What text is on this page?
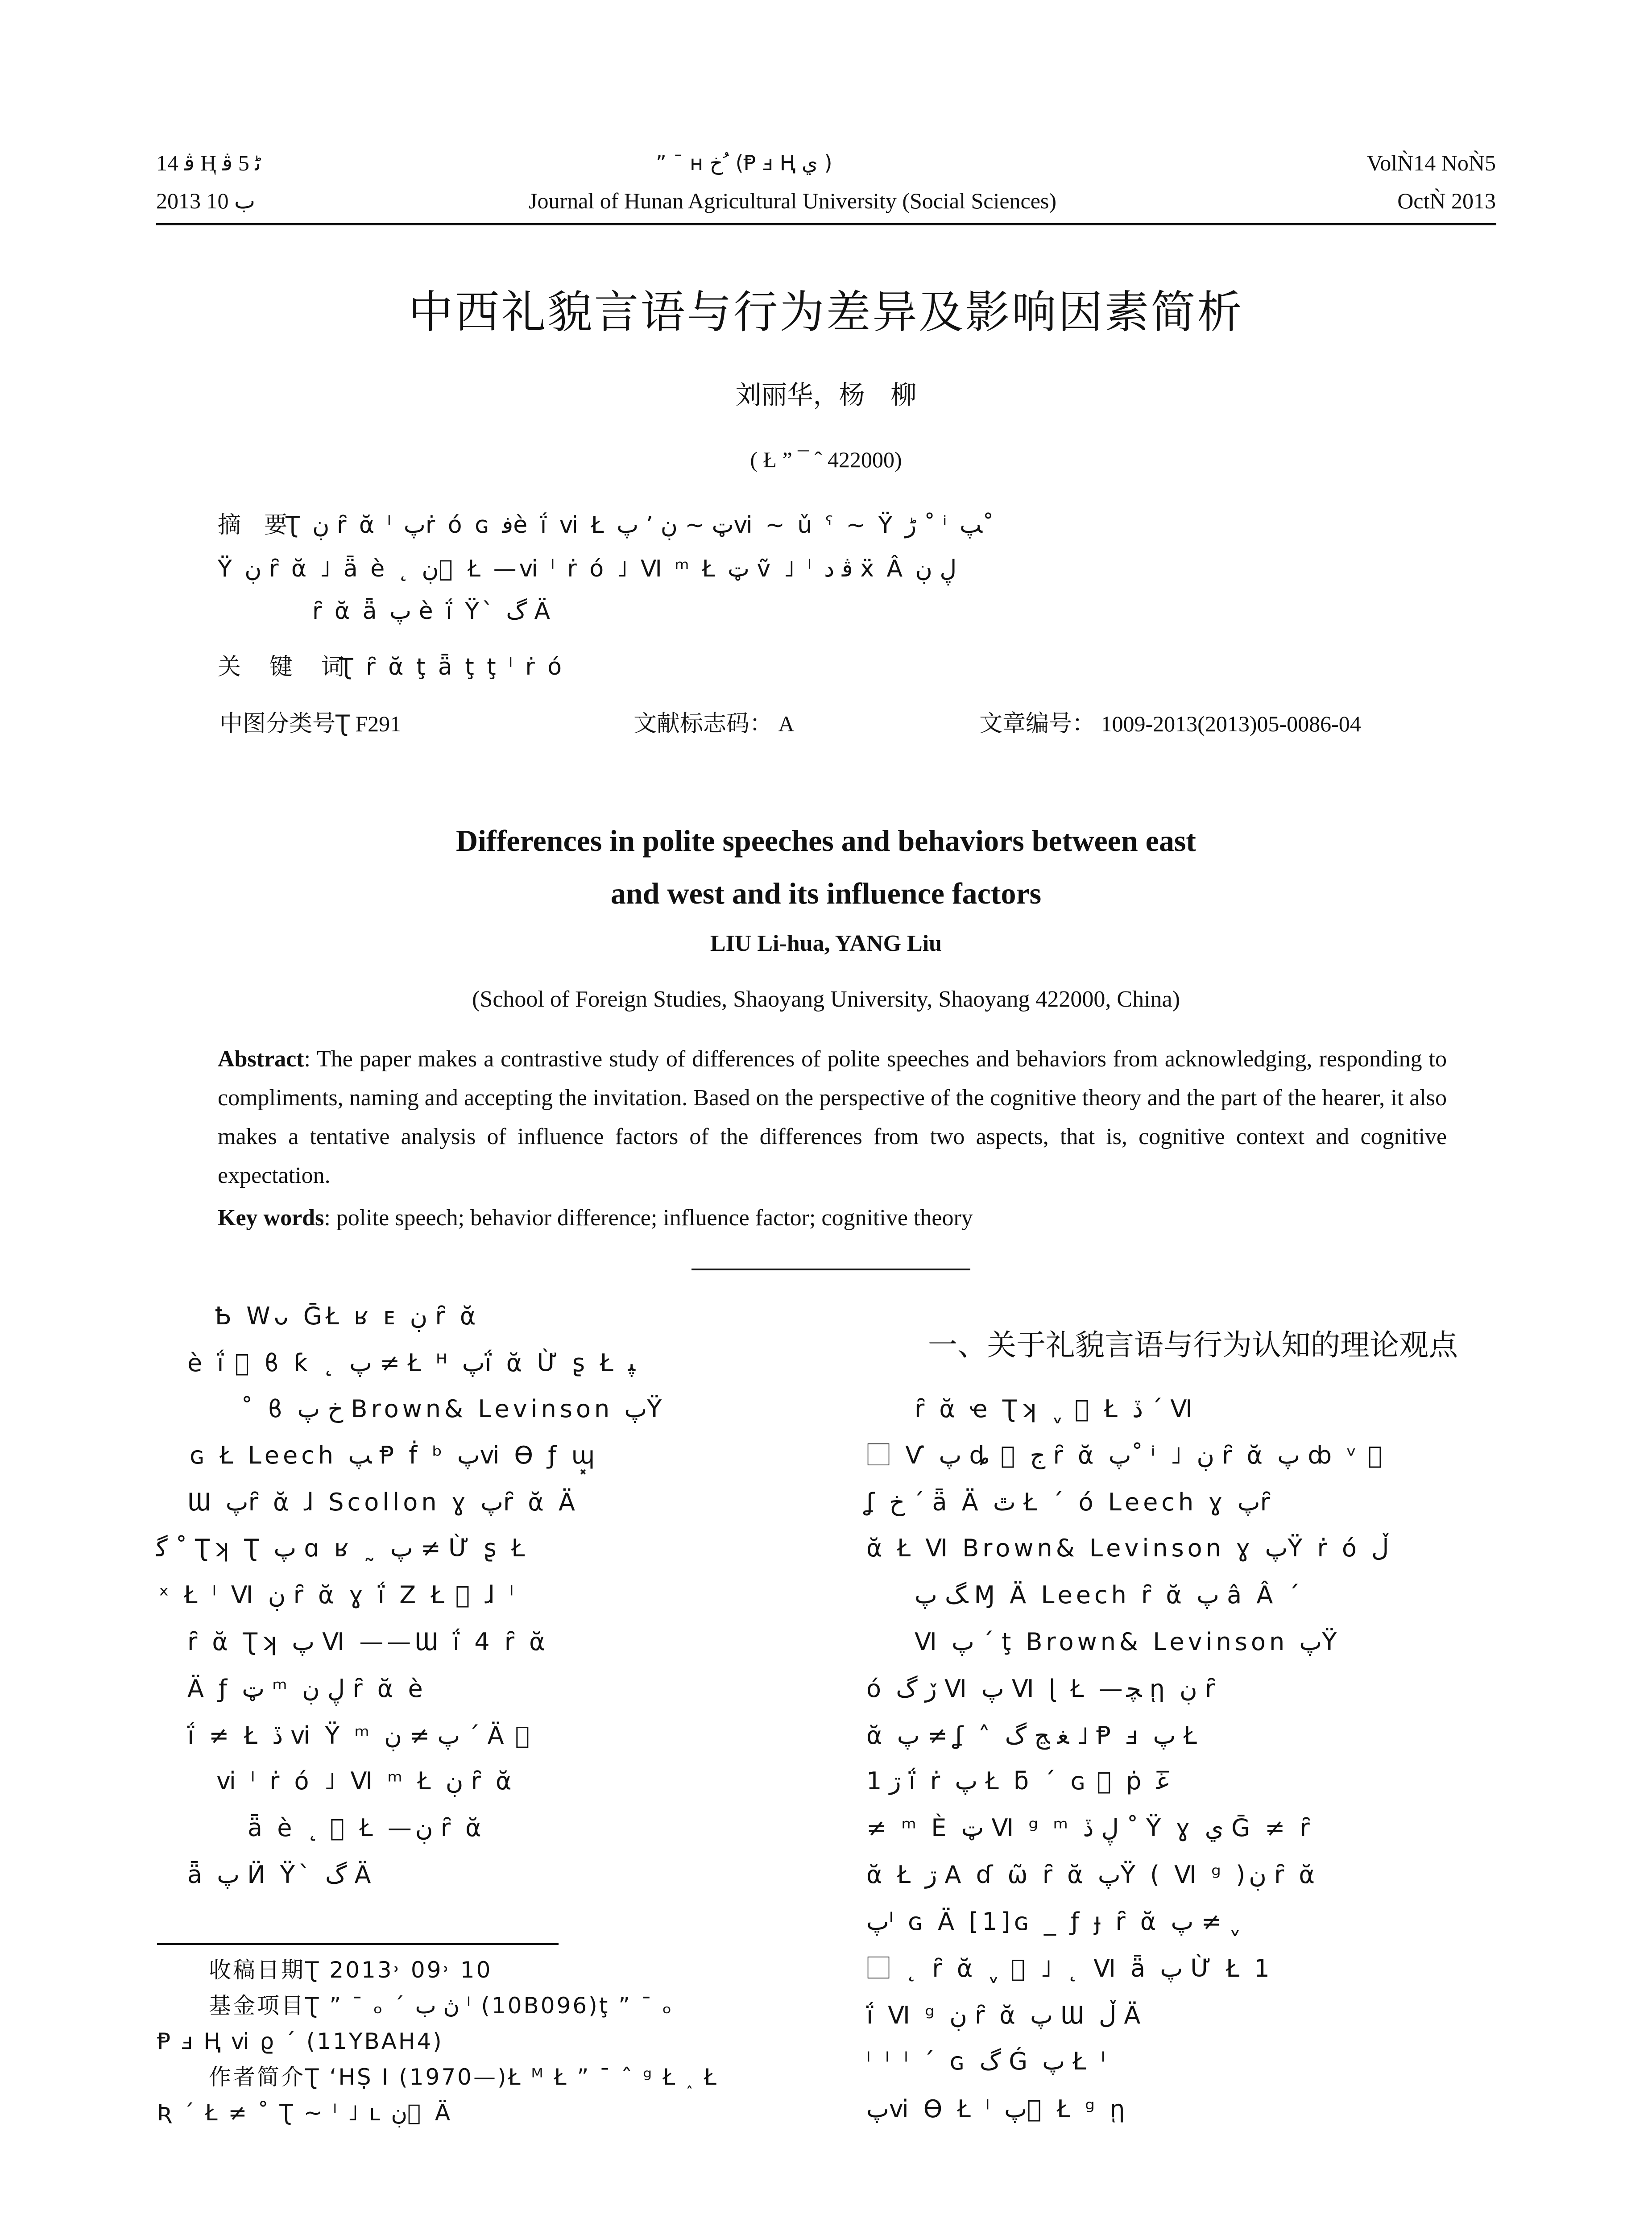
ﭬ 14 Ⱨ ﭨ 5 ﭬ
2013 ب 10
” ¯ ʜ خ ُ (Ᵽ ⅎ Ⱨ ي )
Journal of Hunan Agricultural University (Social Sciences)
VolǸ14 NoǸ5
OctǸ 2013
中西礼貌言语与行为差异及影响因素简析
刘丽华，杨　柳
( Ł ” ¯ ˆ 422000)
摘　要
Ʈ ڹ ȓ ᾰ ˡ ﭖṙ ó ɢ ﻓè ḯ ⅵ Ł ټ ~ ڹ ’ ﭖⅵ ~ ǔ ˁ ~ Ÿ ڑ ˚ ⁱ ﭗ˚
Ÿ ڹ ȓ ᾰ ˩ ǟ è ˛ ڹ ⃞ Ł —ⅵ ˡ ṙ ó ˩ Ⅵ ᵐ Ł ټ ṽ ˩ ˡ ﭬ ﺩ ẍ Â ڸ ڹ
ȓ ᾰ ǟ ﭖ è ḯ Ÿ` ﮒ Ä
关　键　词
Ʈ ȓ ᾰ ţ ǟ ţ ţ ˡ ṙ ó
中图分类号Ʈ F291	文献标志码： A	文章编号： 1009-2013(2013)05-0086-04
Differences in polite speeches and behaviors between east
and west and its influence factors
LIU Li-hua, YANG Liu
(School of Foreign Studies, Shaoyang University, Shaoyang 422000, China)
Abstract: The paper makes a contrastive study of differences of polite speeches and behaviors from acknowledging, responding to compliments, naming and accepting the invitation. Based on the perspective of the cognitive theory and the part of the hearer, it also makes a tentative analysis of influence factors of the differences from two aspects, that is, cognitive context and cognitive expectation.
Key words: polite speech; behavior difference; influence factor; cognitive theory
Ҍ Wᴗ ḠŁ ʁ ᴇ ڹ ȓ ᾰ
è ḯ ⃞ ϐ ƙ ˛ ﭖ ≠ Ł ᴴ ﭖḯ ᾰ Ừ ʂ Ł ﭙ
˚ ϐ خ ﭖ Brown& Levinson ﭖŸ
ɢ Ł Leech ﭗ Ᵽ ḟ ᵇ ﭖⅵ ϴ ƒ ɰ͓
Ɯ ﭖȓ ᾰ ɺ Scollon ɣ ﭖȓ ᾰ Ä
ﮔ ˚ Ʈʞ Ʈ ﭖ ɑ ʁ ˷ ﭖ ≠ Ừ ʂ Ł
ˣ Ł ˡ Ⅵ ڹ ȓ ᾰ ɣ ḯ Z Ł ⃞ ɺ ˡ
ȓ ᾰ Ʈʞ ﭖ Ⅵ ——Ɯ ḯ 4 ȓ ᾰ
Ä ƒ ټ ᵐ ڸ ڹ ȓ ᾰ è
ḯ ≠ Ł ڏ ⅵ Ÿ ᵐ ﭖ ≠ ڹ ˊ Ä ⃞
ⅵ ˡ ṙ ó ˩ Ⅵ ᵐ Ł ڹ ȓ ᾰ
ǟ è ˛ ⃞ Ł —ڹ ȓ ᾰ
ǟ ﭖ Ӥ Ÿ` ﮒ Ä
一、关于礼貌言语与行为认知的理论观点
ȓ ᾰ ҽ Ʈʞ ˬ ⃞ Ł ڏ ˊ Ⅵ
⃞ Ѵ ﭖ ȡ ⃞ ﺝ ȓ ᾰ ﭖ˚ ⁱ ˩ ڹ ȓ ᾰ ﭖ ȸ ᵛ ⃞
ʆ ﺥ ˊ ǟ Ä ٿ Ł ˊ ó Leech ɣ ﭖȓ
ᾰ Ł Ⅵ Brown& Levinson ɣ ﭖŸ ṙ ó ڵ
ﮓ ﭖ Ɱ Ä Leech ȓ ᾰ ﭖ â Â ˊ
Ⅵ ﭖ ˊ ţ Brown& Levinson ﭖŸ
ó ڒ ﮒ Ⅵ ﭖ Ⅵ ɭ Ł —ﭽ ῃ ڹ ȓ
ᾰ ﭖ ≠ ʆ ˄ ﻐ ﭷ ﮒ ˩ Ᵽ ⅎ ﭖ Ł
ڗ 1 ḯ ṙ ﭖ Ł ƃ ˊ ɢ ⃞ ṗ ﻏ ̅
≠ ᵐ È ټ Ⅵ ᵍ ᵐ ڸ ڏ ˚ Ÿ ɣ ي Ḡ ≠ ȓ
ᾰ Ł ڗ A ɗ ῶ ȓ ᾰ ﭖŸ ( Ⅵ ᵍ )ڹ ȓ ᾰ
ﭖˡ ɢ Ä [1]ɢ _ ƒ ɟ ȓ ᾰ ﭖ ≠ ˬ
⃞ ˛ ȓ ᾰ ˬ ⃞ ˩ ˛ Ⅵ ǟ ﭖ Ừ Ł 1
ḯ Ⅵ ᵍ ڹ ȓ ᾰ ﭖ Ɯ ڵ Ä
ˡ ˡ ˡ ˊ ɢ ﮒ Ǵ ﭖ Ł ˡ
ﭖⅵ ϴ Ł ˡ ﭖ ⃞ Ł ᵍ ῃ
收稿日期Ʈ 2013˒ 09˒ 10
基金项目Ʈ ” ¯ ₒ ˊ ڽ ب ˡ (10B096)ţ ” ¯ ₒ
Ᵽ ⅎ Ⱨ ⅵ ϱ ˊ (11YBAH4)
作者简介Ʈ ʻHṢ Ⅰ (1970—)Ł ᴹ Ł ” ¯ ˆ ᵍ Ł ˰ Ł
Ʀ ˊ Ł ≠ ˚ Ʈ ~ ˡ ˩ ʟ ڹ ⃞ Ä
